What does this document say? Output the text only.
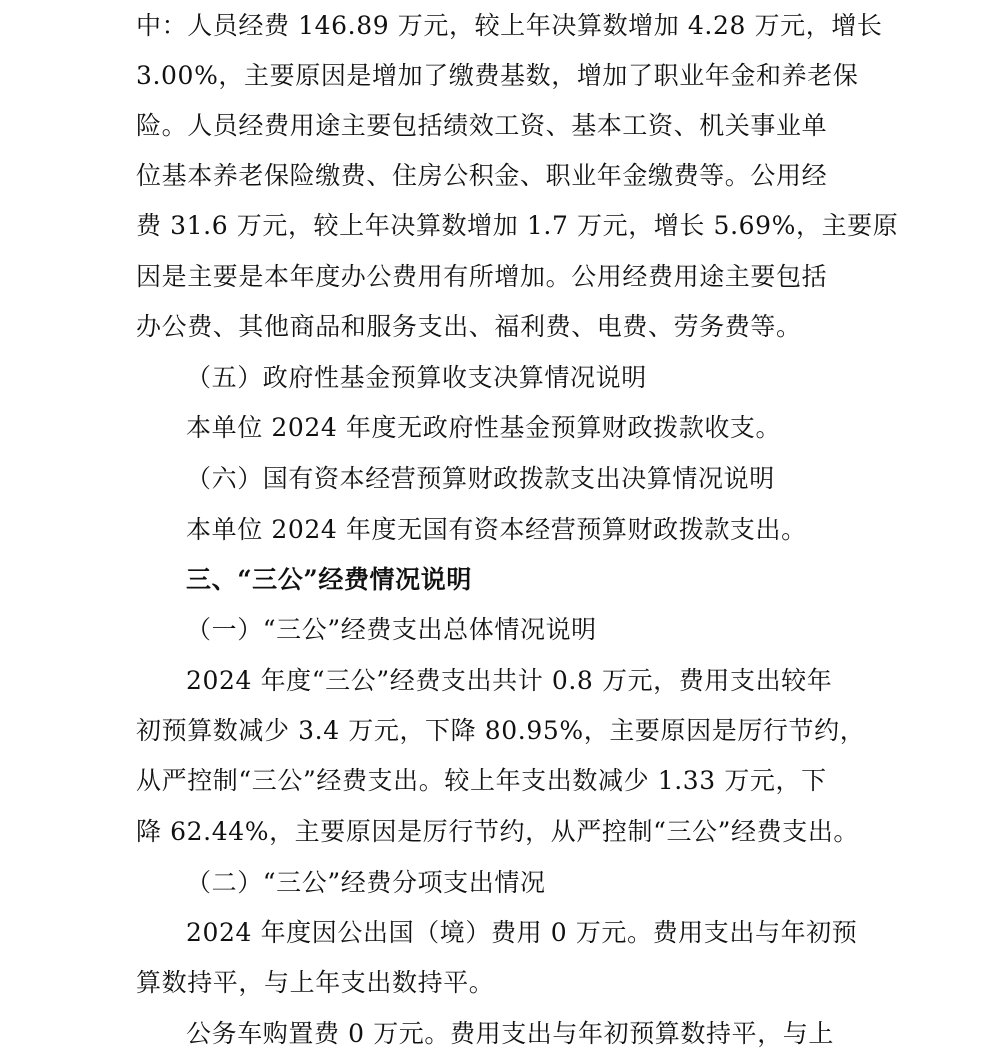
中：人员经费 146.89 万元，较上年决算数增加 4.28 万元，增长
3.00%，主要原因是增加了缴费基数，增加了职业年金和养老保
险。人员经费用途主要包括绩效工资、基本工资、机关事业单
位基本养老保险缴费、住房公积金、职业年金缴费等。公用经
费 31.6 万元，较上年决算数增加 1.7 万元，增长 5.69%，主要原
因是主要是本年度办公费用有所增加。公用经费用途主要包括
办公费、其他商品和服务支出、福利费、电费、劳务费等。
（五）政府性基金预算收支决算情况说明
本单位 2024 年度无政府性基金预算财政拨款收支。
（六）国有资本经营预算财政拨款支出决算情况说明
本单位 2024 年度无国有资本经营预算财政拨款支出。
三、“三公”经费情况说明
（一）“三公”经费支出总体情况说明
2024 年度“三公”经费支出共计 0.8 万元，费用支出较年
初预算数减少 3.4 万元，下降 80.95%，主要原因是厉行节约，
从严控制“三公”经费支出。较上年支出数减少 1.33 万元，下
降 62.44%，主要原因是厉行节约，从严控制“三公”经费支出。
（二）“三公”经费分项支出情况
2024 年度因公出国（境）费用 0 万元。费用支出与年初预
算数持平，与上年支出数持平。
公务车购置费 0 万元。费用支出与年初预算数持平，与上
